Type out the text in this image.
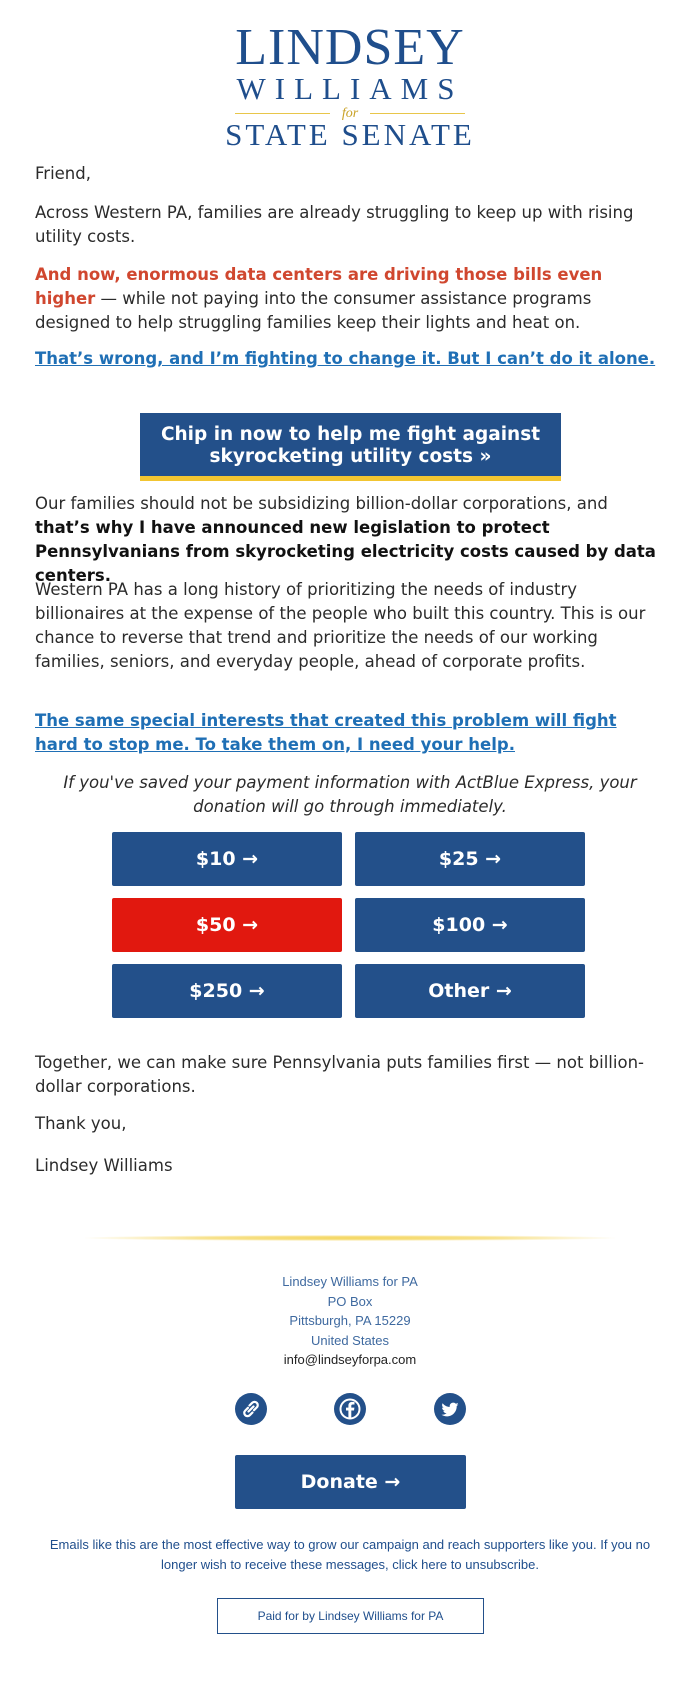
LINDSEY
WILLIAMS
for
STATE SENATE
Friend,
Across Western PA, families are already struggling to keep up with rising utility costs.
And now, enormous data centers are driving those bills even higher — while not paying into the consumer assistance programs designed to help struggling families keep their lights and heat on.
That’s wrong, and I’m fighting to change it. But I can’t do it alone.
Chip in now to help me fight against skyrocketing utility costs »
Our families should not be subsidizing billion-dollar corporations, and that’s why I have announced new legislation to protect Pennsylvanians from skyrocketing electricity costs caused by data centers.
Western PA has a long history of prioritizing the needs of industry billionaires at the expense of the people who built this country. This is our chance to reverse that trend and prioritize the needs of our working families, seniors, and everyday people, ahead of corporate profits.
The same special interests that created this problem will fight hard to stop me. To take them on, I need your help.
If you've saved your payment information with ActBlue Express, your donation will go through immediately.
$10 →	$25 →
$50 →	$100 →
$250 →	Other →
Together, we can make sure Pennsylvania puts families first — not billion-dollar corporations.
Thank you,
Lindsey Williams
Lindsey Williams for PA
PO Box
Pittsburgh, PA 15229
United States
info@lindseyforpa.com
Donate →
Emails like this are the most effective way to grow our campaign and reach supporters like you. If you no longer wish to receive these messages, click here to unsubscribe.
Paid for by Lindsey Williams for PA
